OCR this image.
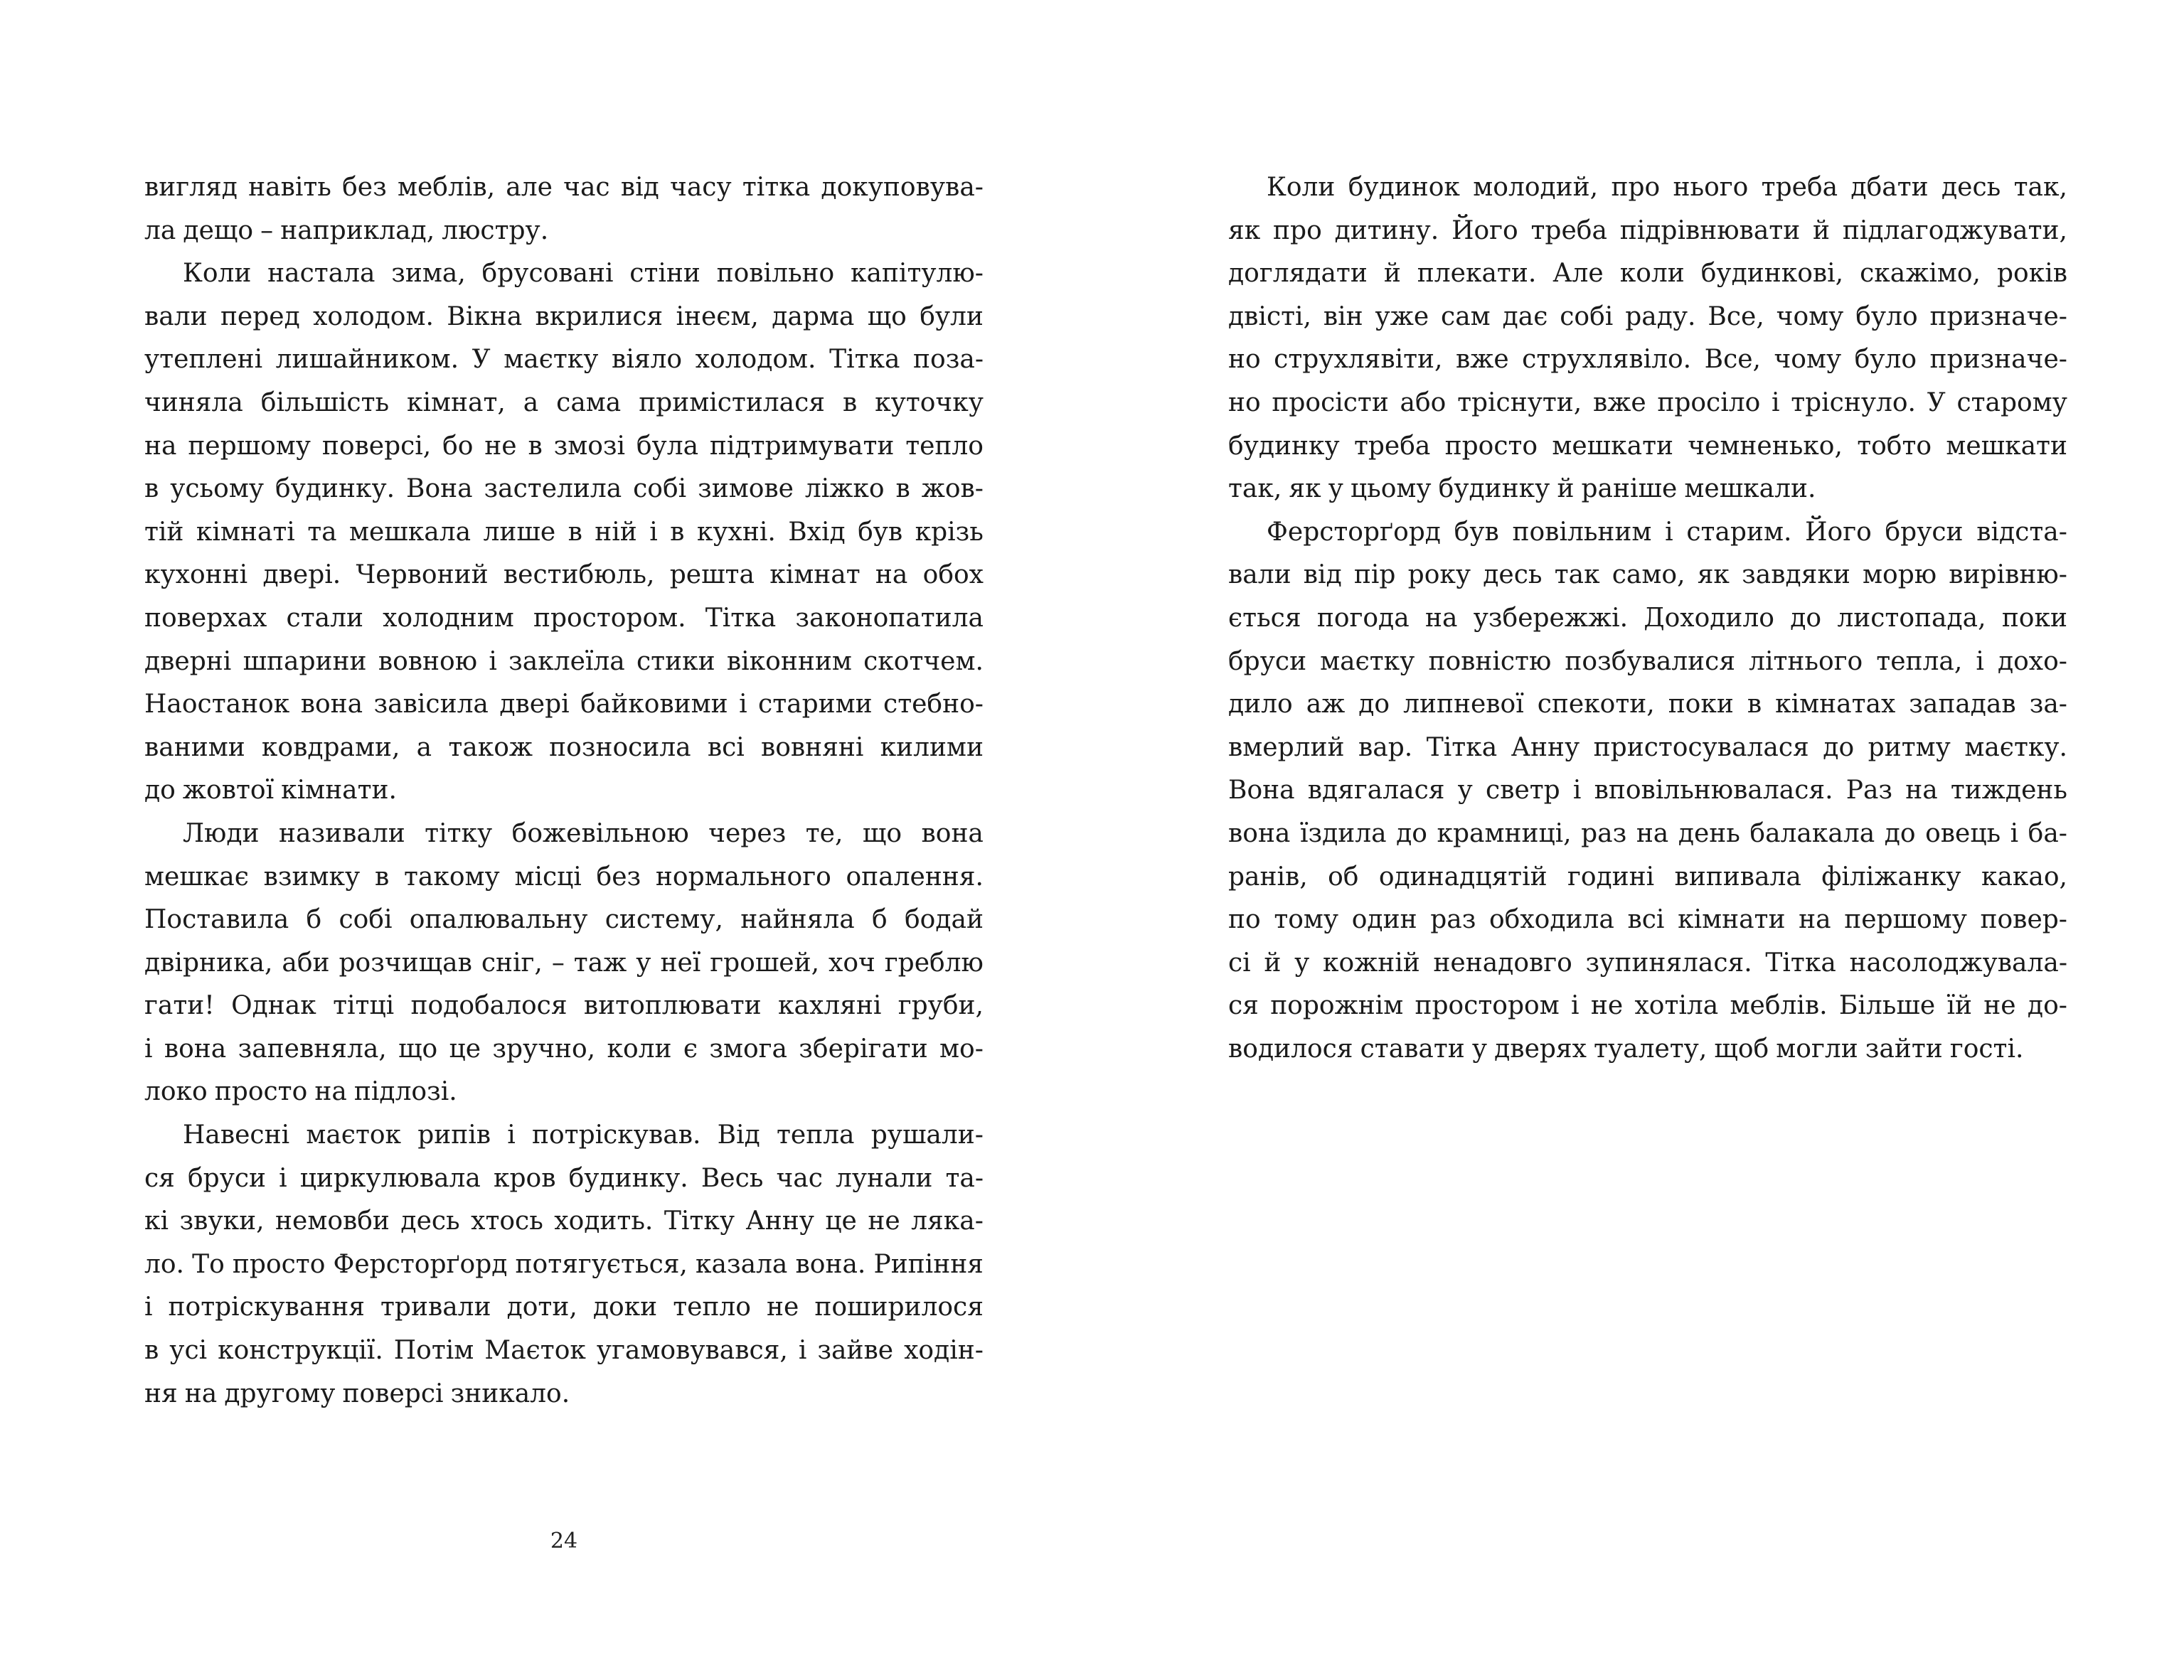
вигляд навіть без меблів, але час від часу тітка докуповува-
ла дещо – наприклад, люстру.
Коли настала зима, брусовані стіни повільно капітулю-
вали перед холодом. Вікна вкрилися інеєм, дарма що були
утеплені лишайником. У маєтку віяло холодом. Тітка поза-
чиняла більшість кімнат, а сама примістилася в куточку
на першому поверсі, бо не в змозі була підтримувати тепло
в усьому будинку. Вона застелила собі зимове ліжко в жов-
тій кімнаті та мешкала лише в ній і в кухні. Вхід був крізь
кухонні двері. Червоний вестибюль, решта кімнат на обох
поверхах стали холодним простором. Тітка законопатила
дверні шпарини вовною і заклеїла стики віконним скотчем.
Наостанок вона завісила двері байковими і старими стебно-
ваними ковдрами, а також позносила всі вовняні килими
до жовтої кімнати.
Люди називали тітку божевільною через те, що вона
мешкає взимку в такому місці без нормального опалення.
Поставила б собі опалювальну систему, найняла б бодай
двірника, аби розчищав сніг, – таж у неї грошей, хоч греблю
гати! Однак тітці подобалося витоплювати кахляні груби,
і вона запевняла, що це зручно, коли є змога зберігати мо-
локо просто на підлозі.
Навесні маєток рипів і потріскував. Від тепла рушали-
ся бруси і циркулювала кров будинку. Весь час лунали та-
кі звуки, немовби десь хтось ходить. Тітку Анну це не ляка-
ло. То просто Ферсторґорд потягується, казала вона. Рипіння
і потріскування тривали доти, доки тепло не поширилося
в усі конструкції. Потім Маєток угамовувався, і зайве ходін-
ня на другому поверсі зникало.
Коли будинок молодий, про нього треба дбати десь так,
як про дитину. Його треба підрівнювати й підлагоджувати,
доглядати й плекати. Але коли будинкові, скажімо, років
двісті, він уже сам дає собі раду. Все, чому було призначе-
но струхлявіти, вже струхлявіло. Все, чому було призначе-
но просісти або тріснути, вже просіло і тріснуло. У старому
будинку треба просто мешкати чемненько, тобто мешкати
так, як у цьому будинку й раніше мешкали.
Ферсторґорд був повільним і старим. Його бруси відста-
вали від пір року десь так само, як завдяки морю вирівню-
ється погода на узбережжі. Доходило до листопада, поки
бруси маєтку повністю позбувалися літнього тепла, і дохо-
дило аж до липневої спекоти, поки в кімнатах западав за-
вмерлий вар. Тітка Анну пристосувалася до ритму маєтку.
Вона вдягалася у светр і вповільнювалася. Раз на тиждень
вона їздила до крамниці, раз на день балакала до овець і ба-
ранів, об одинадцятій годині випивала філіжанку какао,
по тому один раз обходила всі кімнати на першому повер-
сі й у кожній ненадовго зупинялася. Тітка насолоджувала-
ся порожнім простором і не хотіла меблів. Більше їй не до-
водилося ставати у дверях туалету, щоб могли зайти гості.
24
